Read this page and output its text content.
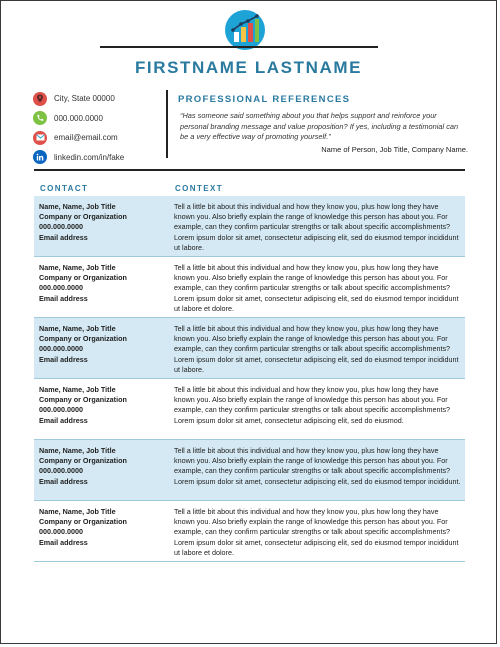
FIRSTNAME LASTNAME
City, State 00000
000.000.0000
email@email.com
linkedin.com/in/fake
PROFESSIONAL REFERENCES
“Has someone said something about you that helps support and reinforce your personal branding message and value proposition? If yes, including a testimonial can be a very effective way of promoting yourself.”
Name of Person, Job Title, Company Name.
CONTACT	CONTEXT
Name, Name, Job Title
Company or Organization
000.000.0000
Email address
Tell a little bit about this individual and how they know you, plus how long they have known you. Also briefly explain the range of knowledge this person has about you. For example, can they confirm particular strengths or talk about specific accomplishments? Lorem ipsum dolor sit amet, consectetur adipiscing elit, sed do eiusmod tempor incididunt ut labore.
Name, Name, Job Title
Company or Organization
000.000.0000
Email address
Tell a little bit about this individual and how they know you, plus how long they have known you. Also briefly explain the range of knowledge this person has about you. For example, can they confirm particular strengths or talk about specific accomplishments? Lorem ipsum dolor sit amet, consectetur adipiscing elit, sed do eiusmod tempor incididunt ut labore et dolore.
Name, Name, Job Title
Company or Organization
000.000.0000
Email address
Tell a little bit about this individual and how they know you, plus how long they have known you. Also briefly explain the range of knowledge this person has about you. For example, can they confirm particular strengths or talk about specific accomplishments? Lorem ipsum dolor sit amet, consectetur adipiscing elit, sed do eiusmod tempor incididunt ut labore.
Name, Name, Job Title
Company or Organization
000.000.0000
Email address
Tell a little bit about this individual and how they know you, plus how long they have known you. Also briefly explain the range of knowledge this person has about you. For example, can they confirm particular strengths or talk about specific accomplishments? Lorem ipsum dolor sit amet, consectetur adipiscing elit, sed do eiusmod.
Name, Name, Job Title
Company or Organization
000.000.0000
Email address
Tell a little bit about this individual and how they know you, plus how long they have known you. Also briefly explain the range of knowledge this person has about you. For example, can they confirm particular strengths or talk about specific accomplishments? Lorem ipsum dolor sit amet, consectetur adipiscing elit, sed do eiusmod tempor incididunt.
Name, Name, Job Title
Company or Organization
000.000.0000
Email address
Tell a little bit about this individual and how they know you, plus how long they have known you. Also briefly explain the range of knowledge this person has about you. For example, can they confirm particular strengths or talk about specific accomplishments? Lorem ipsum dolor sit amet, consectetur adipiscing elit, sed do eiusmod tempor incididunt ut labore et dolore.
